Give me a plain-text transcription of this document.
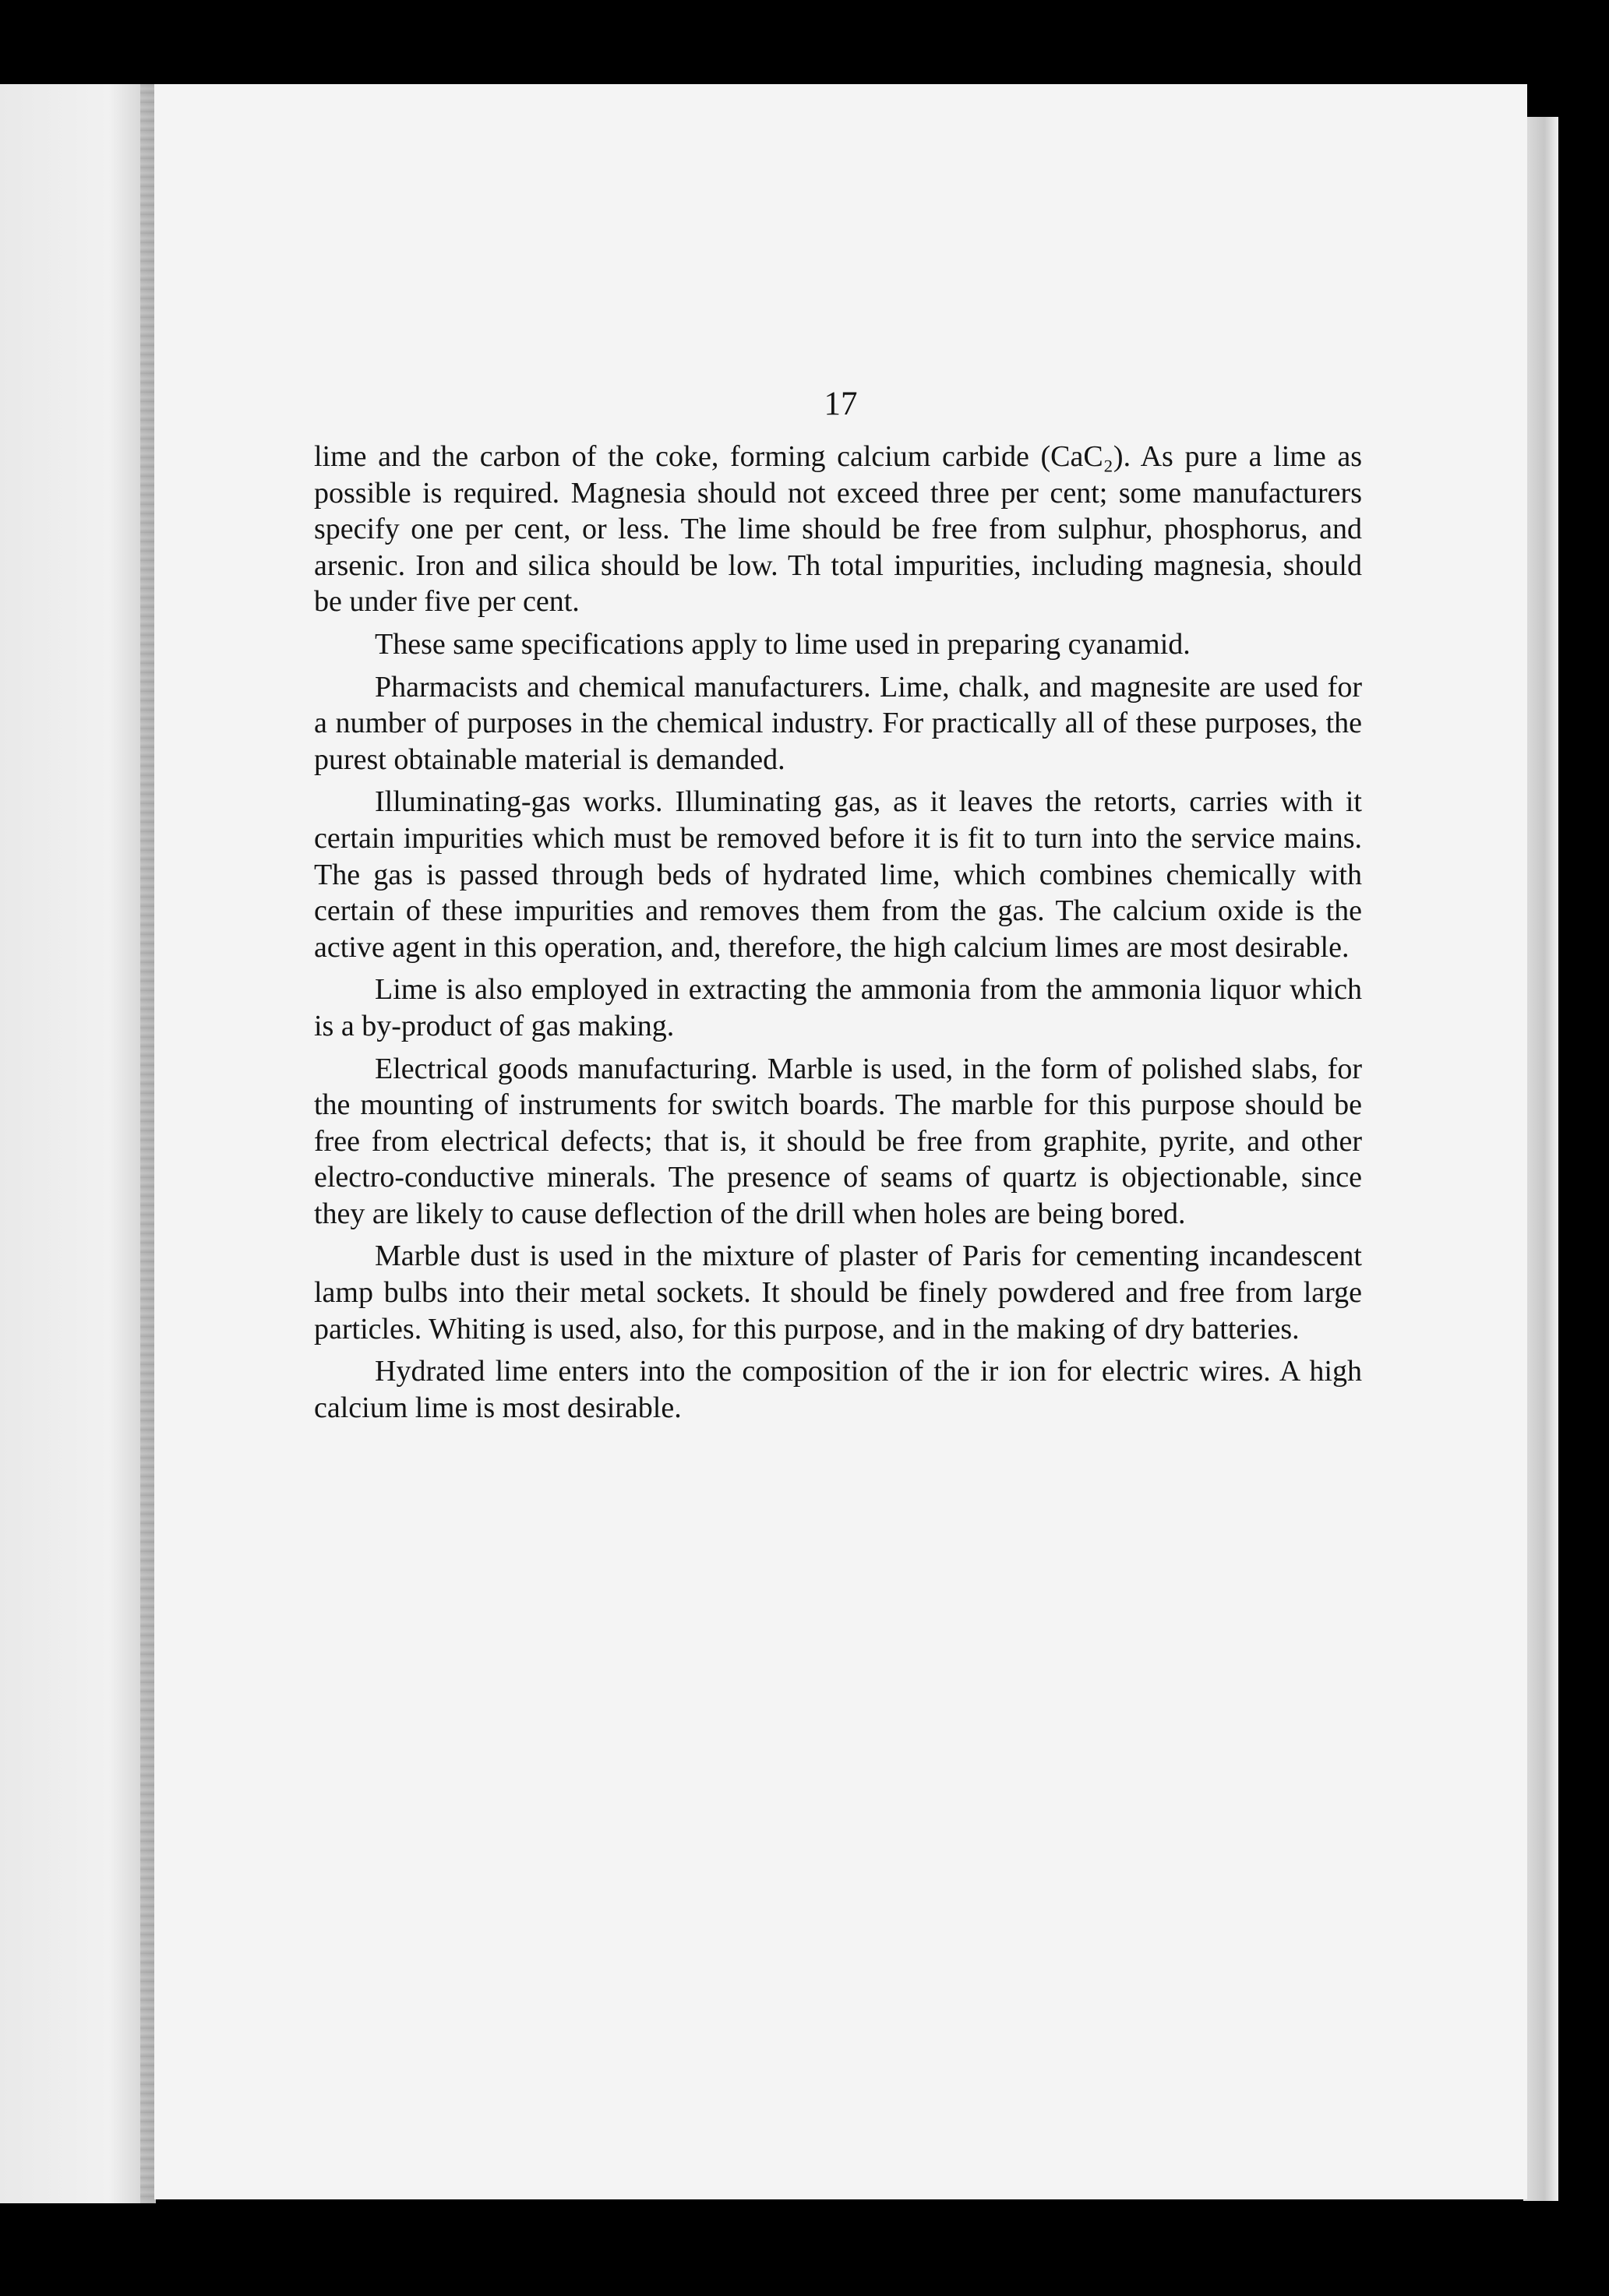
17

lime and the carbon of the coke, forming calcium carbide (CaC₂). As pure a lime as possible is required. Magnesia should not exceed three per cent; some manufacturers specify one per cent, or less. The lime should be free from sulphur, phosphorus, and arsenic. Iron and silica should be low. Th total impurities, including magnesia, should be under five per cent.

These same specifications apply to lime used in preparing cyanamid.

Pharmacists and chemical manufacturers. Lime, chalk, and magnesite are used for a number of purposes in the chemical industry. For practically all of these purposes, the purest obtainable material is demanded.

Illuminating-gas works. Illuminating gas, as it leaves the retorts, carries with it certain impurities which must be removed before it is fit to turn into the service mains. The gas is passed through beds of hydrated lime, which combines chemically with certain of these impurities and removes them from the gas. The calcium oxide is the active agent in this operation, and, therefore, the high calcium limes are most desirable.

Lime is also employed in extracting the ammonia from the ammonia liquor which is a by-product of gas making.

Electrical goods manufacturing. Marble is used, in the form of polished slabs, for the mounting of instruments for switch boards. The marble for this purpose should be free from electrical defects; that is, it should be free from graphite, pyrite, and other electro-conductive minerals. The presence of seams of quartz is objectionable, since they are likely to cause deflection of the drill when holes are being bored.

Marble dust is used in the mixture of plaster of Paris for cementing incandescent lamp bulbs into their metal sockets. It should be finely powdered and free from large particles. Whiting is used, also, for this purpose, and in the making of dry batteries.

Hydrated lime enters into the composition of the ir ion for electric wires. A high calcium lime is most desirable.
